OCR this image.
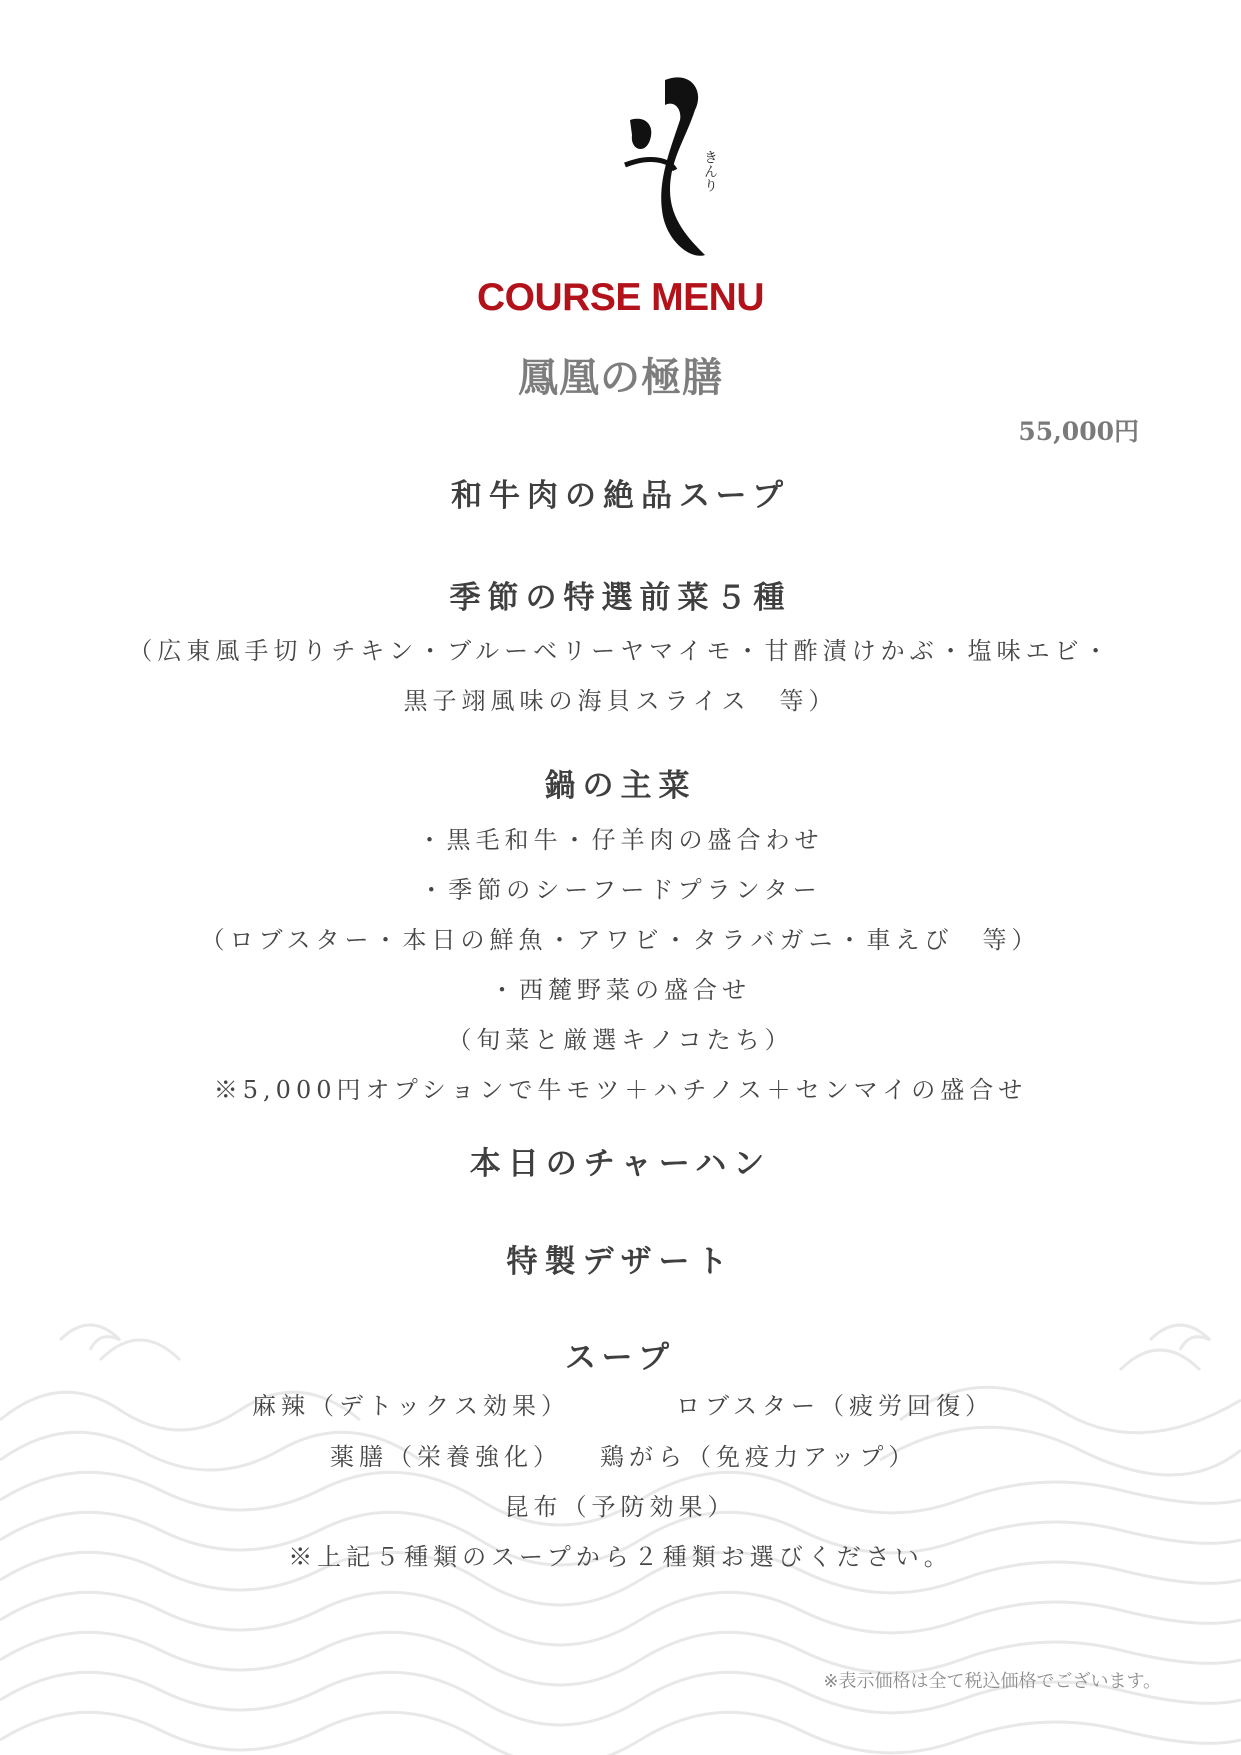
きんり
COURSE MENU
鳳凰の極膳
55,000円
和牛肉の絶品スープ
季節の特選前菜５種
（広東風手切りチキン・ブルーベリーヤマイモ・甘酢漬けかぶ・塩味エビ・
黒子翊風味の海貝スライス　等）
鍋の主菜
・黒毛和牛・仔羊肉の盛合わせ
・季節のシーフードプランター
（ロブスター・本日の鮮魚・アワビ・タラバガニ・車えび　等）
・西麓野菜の盛合せ
（旬菜と厳選キノコたち）
※5,000円オプションで牛モツ＋ハチノス＋センマイの盛合せ
本日のチャーハン
特製デザート
スープ
麻辣（デトックス効果）	ロブスター（疲労回復）
薬膳（栄養強化） 鶏がら（免疫力アップ）
昆布（予防効果）
※上記５種類のスープから２種類お選びください。
※表示価格は全て税込価格でございます。
